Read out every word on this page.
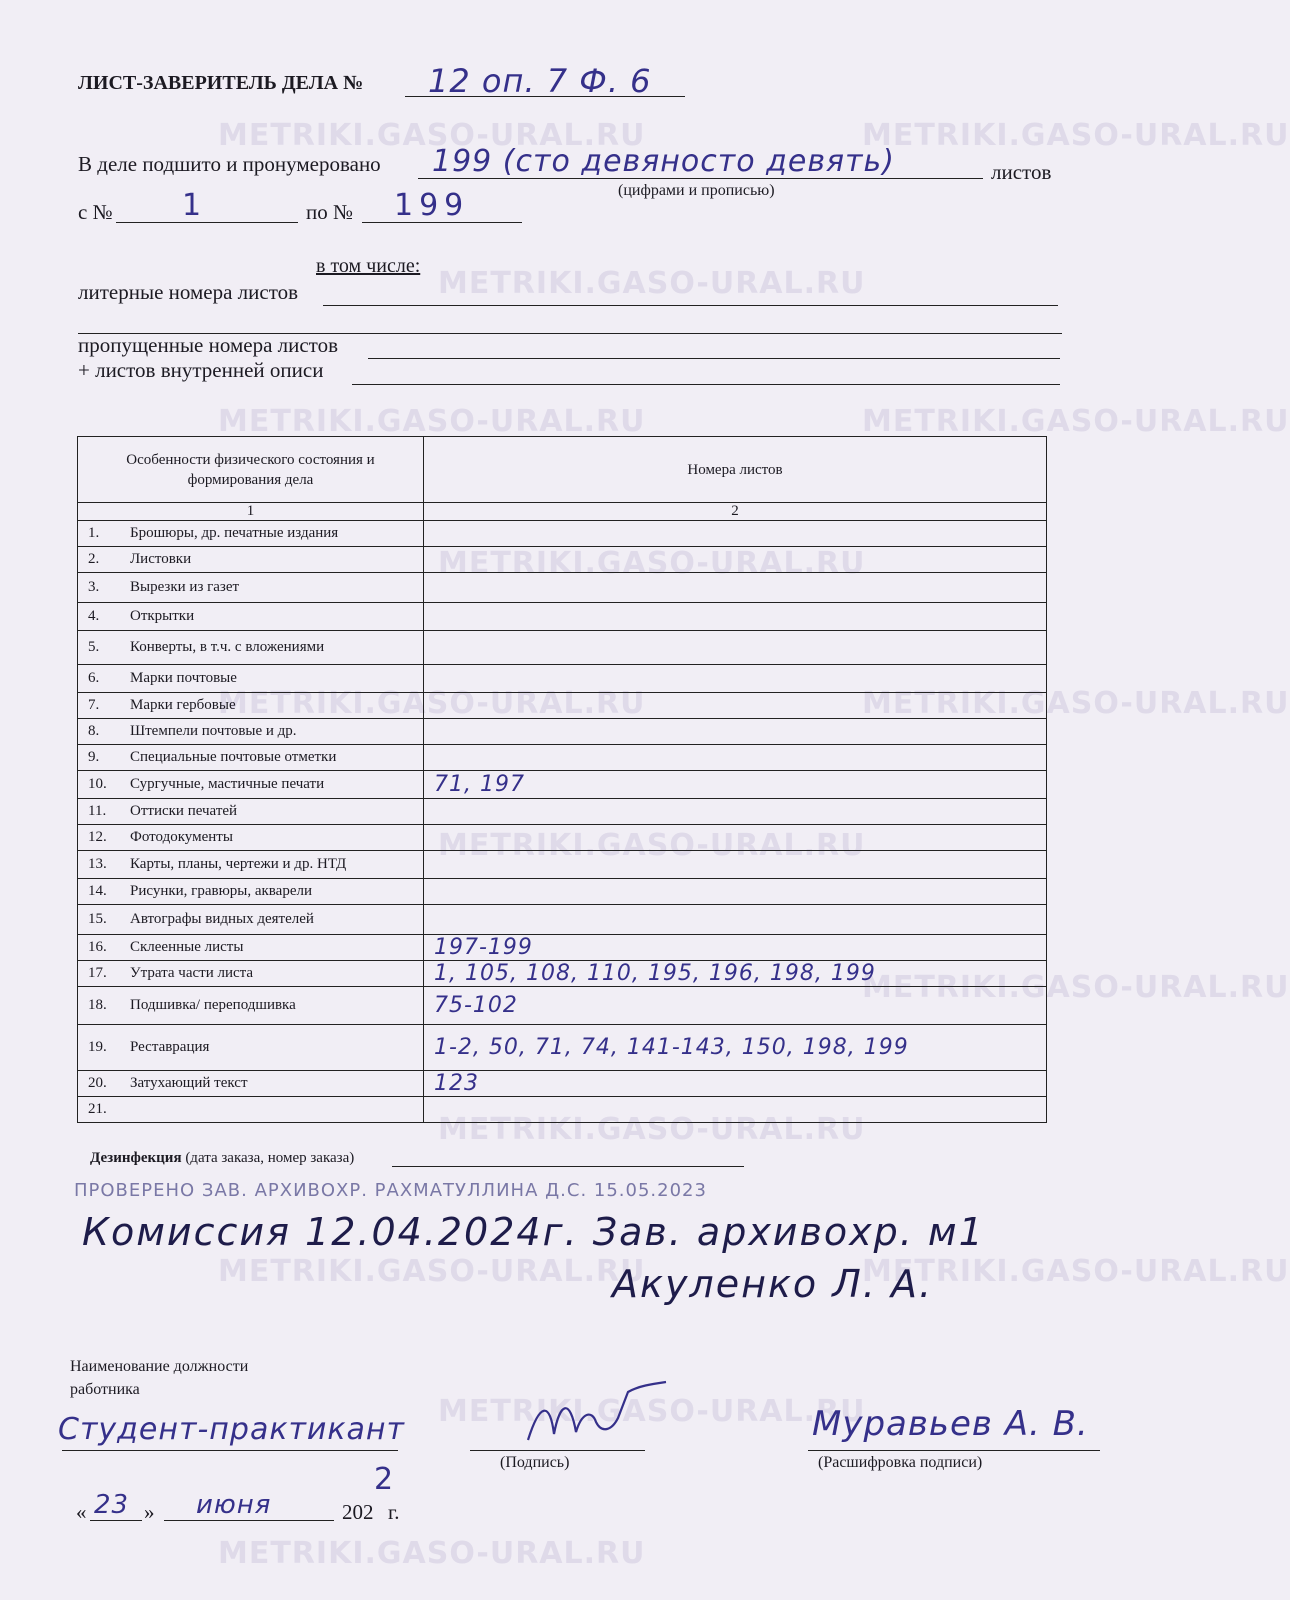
METRIKI.GASO-URAL.RU	METRIKI.GASO-URAL.RU
METRIKI.GASO-URAL.RU
METRIKI.GASO-URAL.RU	METRIKI.GASO-URAL.RU
METRIKI.GASO-URAL.RU
METRIKI.GASO-URAL.RU	METRIKI.GASO-URAL.RU
METRIKI.GASO-URAL.RU
METRIKI.GASO-URAL.RU
METRIKI.GASO-URAL.RU
METRIKI.GASO-URAL.RU	METRIKI.GASO-URAL.RU
METRIKI.GASO-URAL.RU
METRIKI.GASO-URAL.RU
ЛИСТ-ЗАВЕРИТЕЛЬ ДЕЛА № 12 оп. 7 Ф. 6
В деле подшито и пронумеровано 199 (сто девяносто девять)	листов
(цифрами и прописью)
с № 1	по № 199
в том числе:
литерные номера листов
пропущенные номера листов
+ листов внутренней описи
Особенности физического состояния и формирования дела	Номера листов
1	2
1. Брошюры, др. печатные издания	
2. Листовки	
3. Вырезки из газет	
4. Открытки	
5. Конверты, в т.ч. с вложениями	
6. Марки почтовые	
7. Марки гербовые	
8. Штемпели почтовые и др.	
9. Специальные почтовые отметки	
10. Сургучные, мастичные печати	71, 197
11. Оттиски печатей	
12. Фотодокументы	
13. Карты, планы, чертежи и др. НТД	
14. Рисунки, гравюры, акварели	
15. Автографы видных деятелей	
16. Склеенные листы	197-199
17. Утрата части листа	1, 105, 108, 110, 195, 196, 198, 199
18. Подшивка/ переподшивка	75-102
19. Реставрация	1-2, 50, 71, 74, 141-143, 150, 198, 199
20. Затухающий текст	123
21.	
Дезинфекция (дата заказа, номер заказа)
ПРОВЕРЕНО ЗАВ. АРХИВОХР. РАХМАТУЛЛИНА Д.С. 15.05.2023
Комиссия 12.04.2024г. Зав. архивохр. м1
Акуленко Л. А.
Наименование должности работника
Студент-практикант
(Подпись)
Муравьев А. В.
(Расшифровка подписи)
« 23 » июня	202
2
г.
